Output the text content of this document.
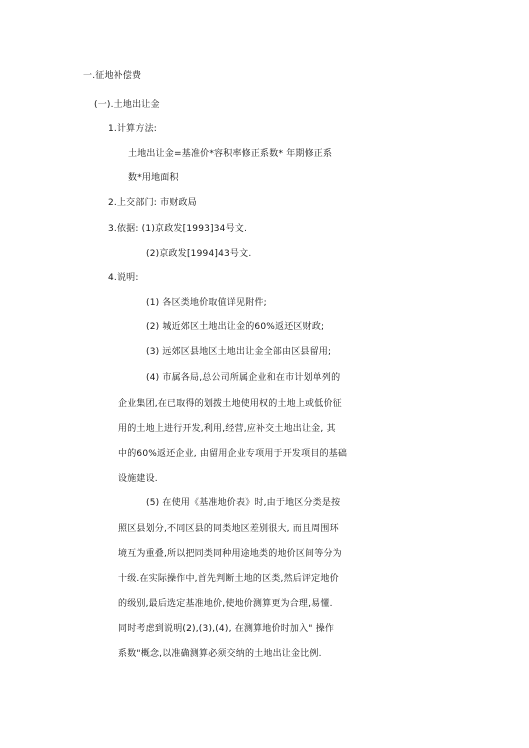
一.征地补偿费
(一).土地出让金
1.计算方法:
土地出让金=基准价*容积率修正系数* 年期修正系
数*用地面积
2.上交部门: 市财政局
3.依据: (1)京政发[1993]34号文.
(2)京政发[1994]43号文.
4.说明:
(1) 各区类地价取值详见附件;
(2) 城近郊区土地出让金的60%返还区财政;
(3) 远郊区县地区土地出让金全部由区县留用;
(4) 市属各局,总公司所属企业和在市计划单列的
企业集团,在已取得的划拨土地使用权的土地上或低价征
用的土地上进行开发,利用,经营,应补交土地出让金, 其
中的60%返还企业, 由留用企业专项用于开发项目的基础
设施建设.
(5) 在使用《基准地价表》时,由于地区分类是按
照区县划分,不同区县的同类地区差别很大, 而且周围环
境互为重叠,所以把同类同种用途地类的地价区间等分为
十级.在实际操作中,首先判断土地的区类,然后评定地价
的级别,最后选定基准地价,使地价测算更为合理,易懂.
同时考虑到说明(2),(3),(4), 在测算地价时加入" 操作
系数"概念,以准确测算必须交纳的土地出让金比例.
